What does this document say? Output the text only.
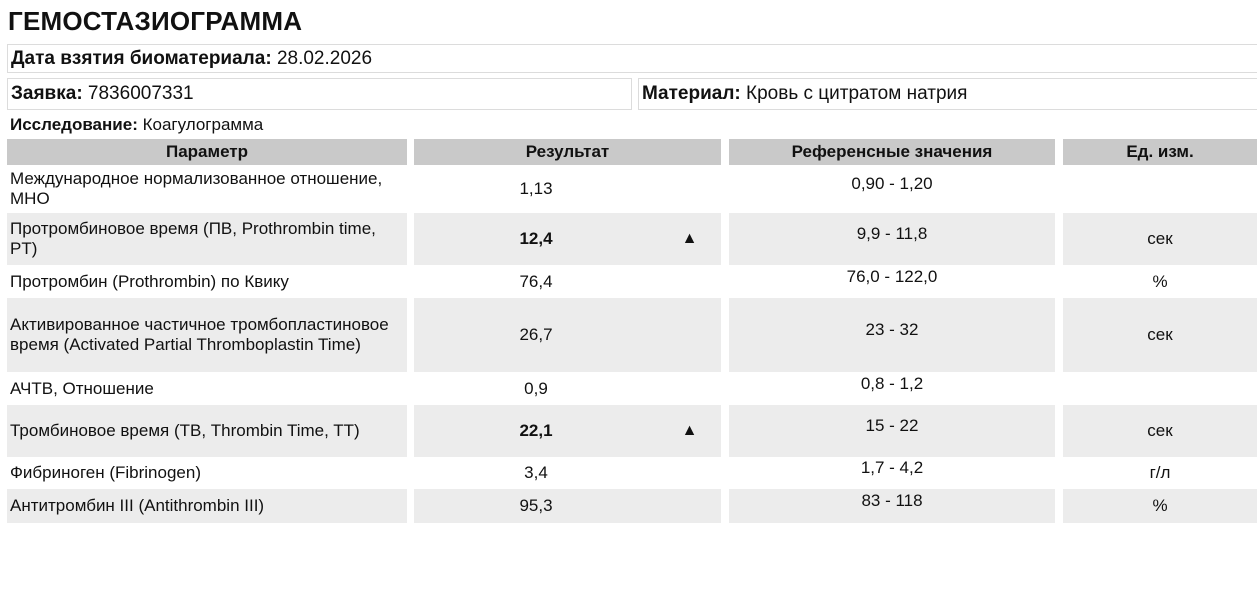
ГЕМОСТАЗИОГРАММА
Дата взятия биоматериала: 28.02.2026
Заявка: 7836007331	Материал: Кровь с цитратом натрия
Исследование: Коагулограмма
Параметр		Результат			Референсные значения		Ед. изм.
Международное нормализованное отношение, МНО		1,13			0,90 - 1,20		
Протромбиновое время (ПВ, Prothrombin time, PT)		12,4	▲		9,9 - 11,8		сек
Протромбин (Prothrombin) по Квику		76,4			76,0 - 122,0		%
Активированное частичное тромбопластиновое время (Activated Partial Thromboplastin Time)		26,7			23 - 32		сек
АЧТВ, Отношение		0,9			0,8 - 1,2		
Тромбиновое время (ТВ, Thrombin Time, TT)		22,1	▲		15 - 22		сек
Фибриноген (Fibrinogen)		3,4			1,7 - 4,2		г/л
Антитромбин III (Antithrombin III)		95,3			83 - 118		%
